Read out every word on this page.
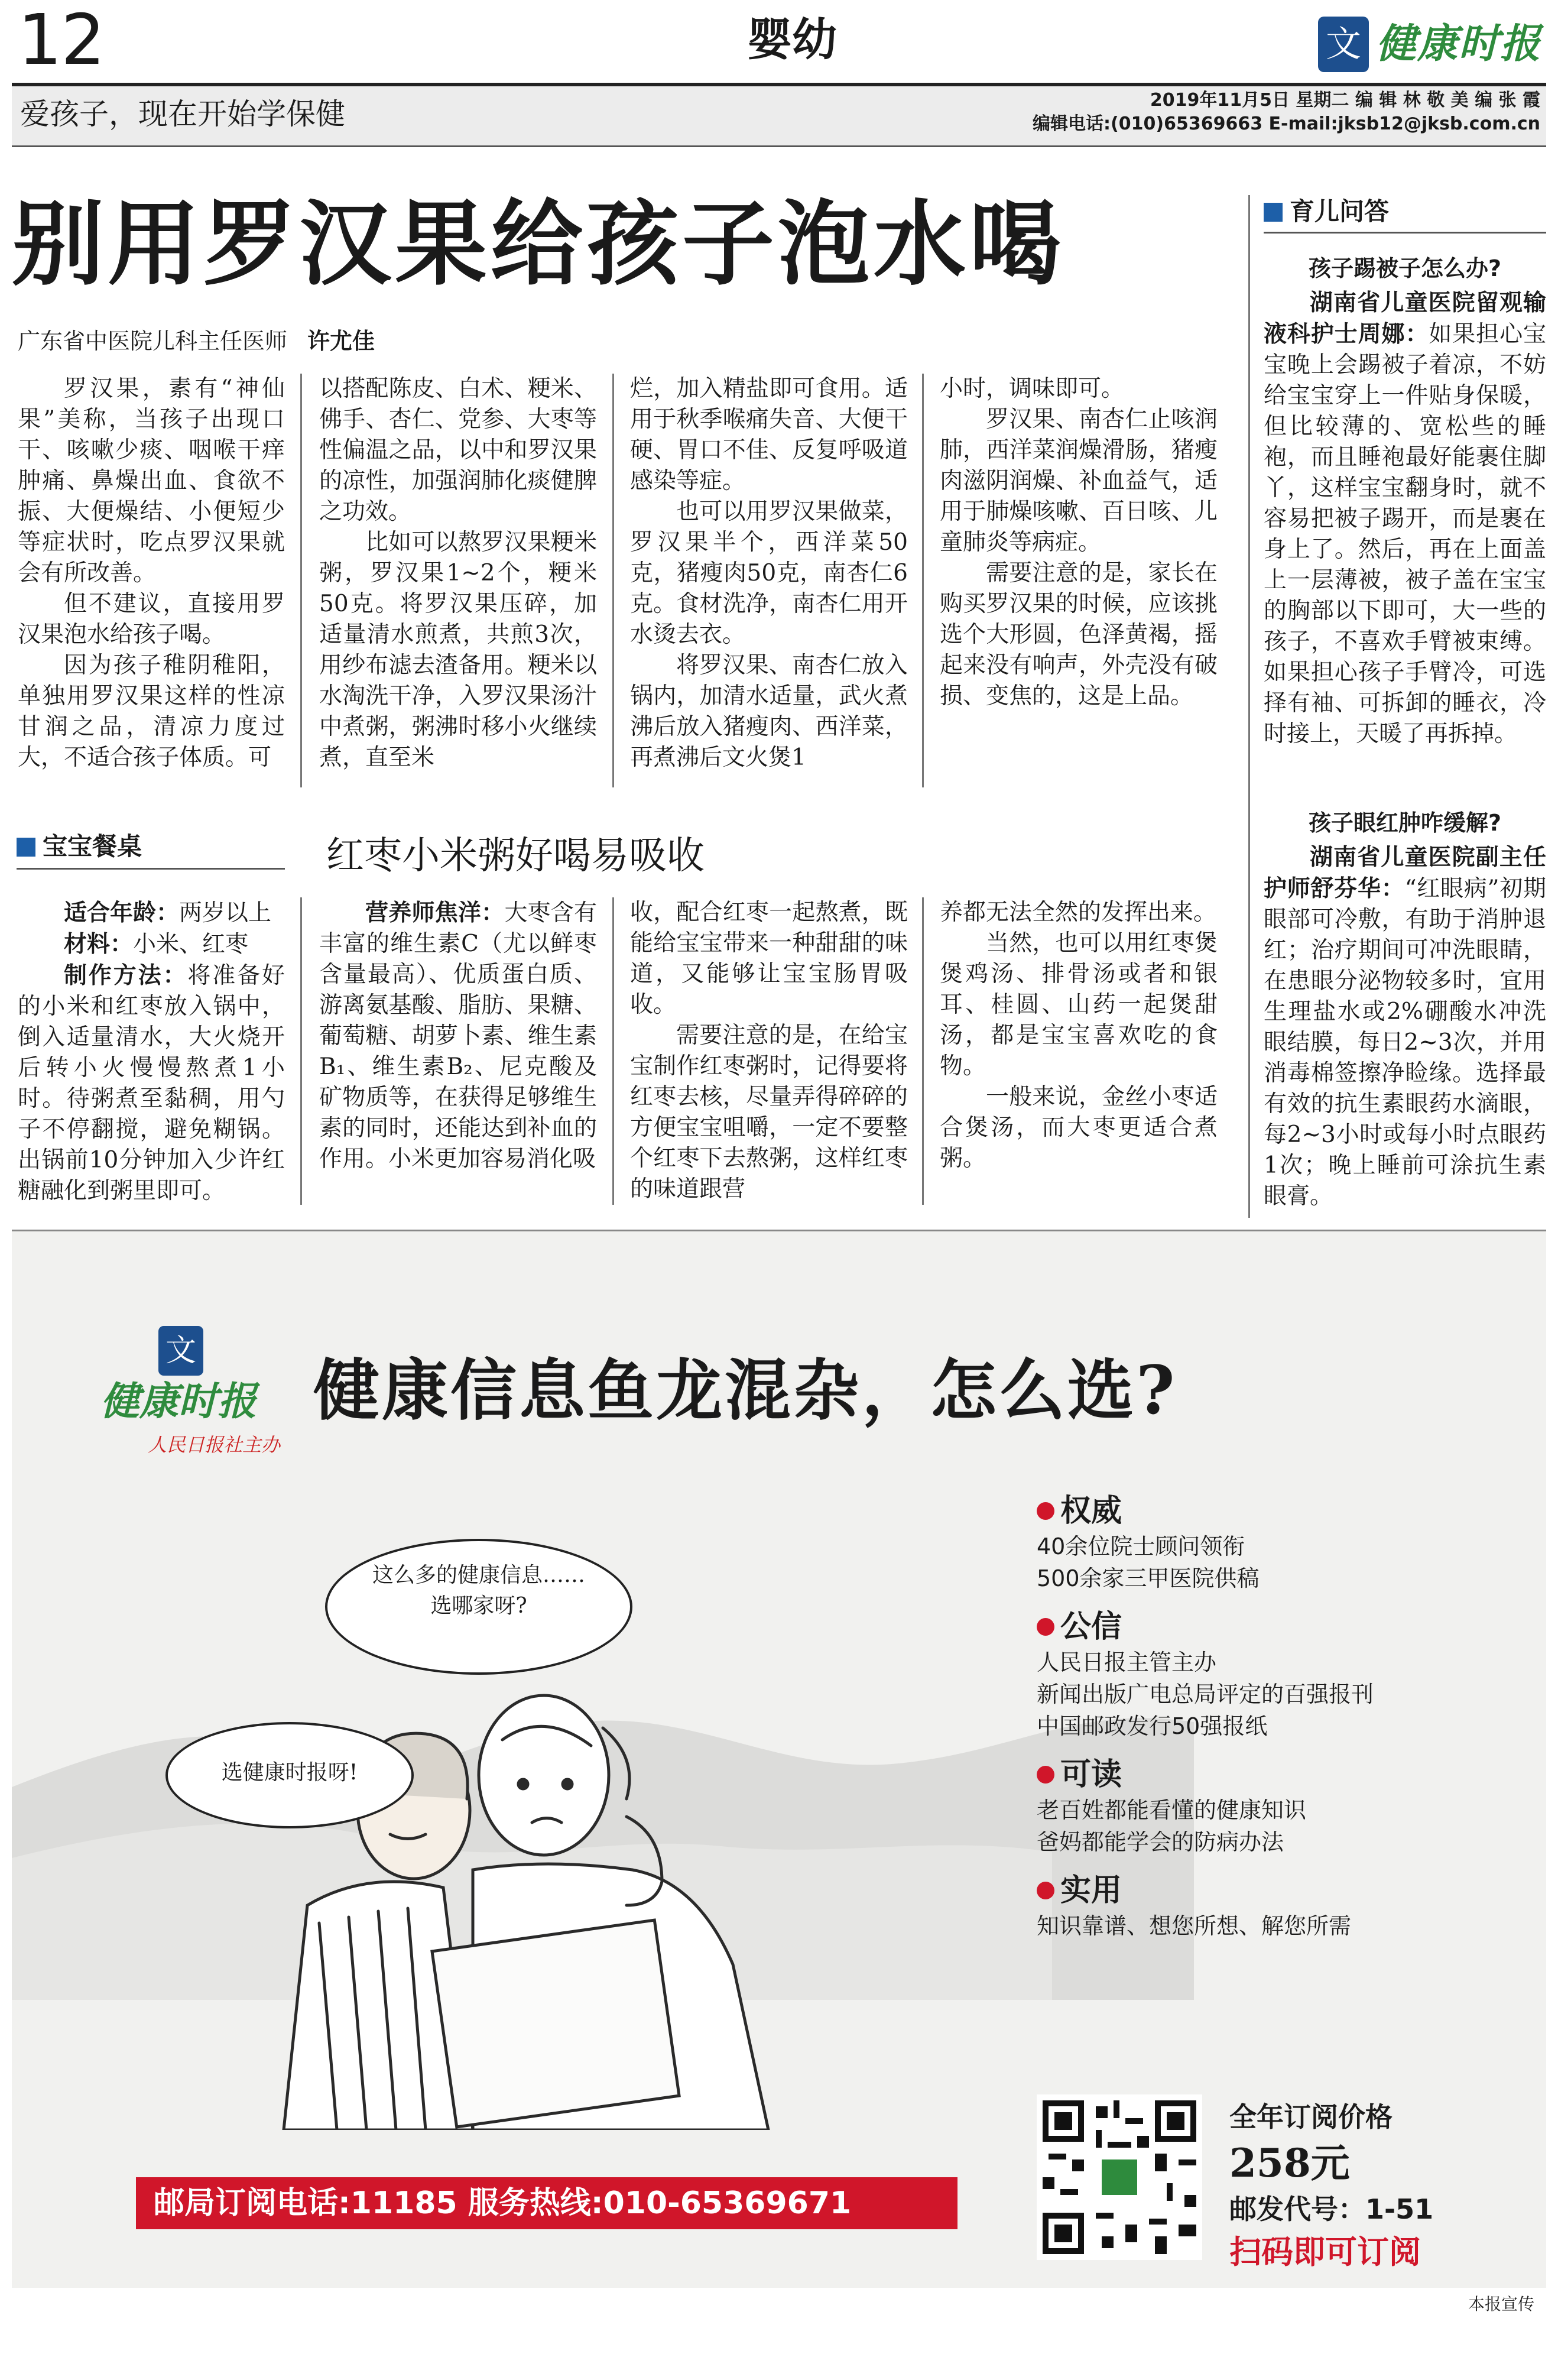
12	婴幼	文 健康时报
爱孩子，现在开始学保健	2019年11月5日 星期二 编 辑 林 敬 美 编 张 霞
编辑电话:(010)65369663 E-mail:jksb12@jksb.com.cn
别用罗汉果给孩子泡水喝
广东省中医院儿科主任医师 许尤佳

罗汉果，素有“神仙果”美称，当孩子出现口干、咳嗽少痰、咽喉干痒肿痛、鼻燥出血、食欲不振、大便燥结、小便短少等症状时，吃点罗汉果就会有所改善。

但不建议，直接用罗汉果泡水给孩子喝。

因为孩子稚阴稚阳，单独用罗汉果这样的性凉甘润之品，清凉力度过大，不适合孩子体质。可

以搭配陈皮、白术、粳米、佛手、杏仁、党参、大枣等性偏温之品，以中和罗汉果的凉性，加强润肺化痰健脾之功效。

比如可以熬罗汉果粳米粥，罗汉果1~2个，粳米50克。将罗汉果压碎，加适量清水煎煮，共煎3次，用纱布滤去渣备用。粳米以水淘洗干净，入罗汉果汤汁中煮粥，粥沸时移小火继续煮，直至米

烂，加入精盐即可食用。适用于秋季喉痛失音、大便干硬、胃口不佳、反复呼吸道感染等症。

也可以用罗汉果做菜，罗汉果半个，西洋菜50克，猪瘦肉50克，南杏仁6克。食材洗净，南杏仁用开水烫去衣。

将罗汉果、南杏仁放入锅内，加清水适量，武火煮沸后放入猪瘦肉、西洋菜，再煮沸后文火煲1

小时，调味即可。

罗汉果、南杏仁止咳润肺，西洋菜润燥滑肠，猪瘦肉滋阴润燥、补血益气，适用于肺燥咳嗽、百日咳、儿童肺炎等病症。

需要注意的是，家长在购买罗汉果的时候，应该挑选个大形圆，色泽黄褐，摇起来没有响声，外壳没有破损、变焦的，这是上品。

育儿问答
孩子踢被子怎么办?

湖南省儿童医院留观输液科护士周娜：如果担心宝宝晚上会踢被子着凉，不妨给宝宝穿上一件贴身保暖，但比较薄的、宽松些的睡袍，而且睡袍最好能裹住脚丫，这样宝宝翻身时，就不容易把被子踢开，而是裹在身上了。然后，再在上面盖上一层薄被，被子盖在宝宝的胸部以下即可，大一些的孩子，不喜欢手臂被束缚。如果担心孩子手臂冷，可选择有袖、可拆卸的睡衣，冷时接上，天暖了再拆掉。

孩子眼红肿咋缓解?

湖南省儿童医院副主任护师舒芬华：“红眼病”初期眼部可冷敷，有助于消肿退红；治疗期间可冲洗眼睛，在患眼分泌物较多时，宜用生理盐水或2%硼酸水冲洗眼结膜，每日2~3次，并用消毒棉签擦净睑缘。选择最有效的抗生素眼药水滴眼，每2~3小时或每小时点眼药1次；晚上睡前可涂抗生素眼膏。

宝宝餐桌	红枣小米粥好喝易吸收

适合年龄：两岁以上

材料：小米、红枣

制作方法：将准备好的小米和红枣放入锅中，倒入适量清水，大火烧开后转小火慢慢熬煮1小时。待粥煮至黏稠，用勺子不停翻搅，避免糊锅。出锅前10分钟加入少许红糖融化到粥里即可。

营养师焦洋：大枣含有丰富的维生素C（尤以鲜枣含量最高）、优质蛋白质、游离氨基酸、脂肪、果糖、葡萄糖、胡萝卜素、维生素B₁、维生素B₂、尼克酸及矿物质等，在获得足够维生素的同时，还能达到补血的作用。小米更加容易消化吸

收，配合红枣一起熬煮，既能给宝宝带来一种甜甜的味道，又能够让宝宝肠胃吸收。

需要注意的是，在给宝宝制作红枣粥时，记得要将红枣去核，尽量弄得碎碎的方便宝宝咀嚼，一定不要整个红枣下去熬粥，这样红枣的味道跟营

养都无法全然的发挥出来。

当然，也可以用红枣煲煲鸡汤、排骨汤或者和银耳、桂圆、山药一起煲甜汤，都是宝宝喜欢吃的食物。

一般来说，金丝小枣适合煲汤，而大枣更适合煮粥。

文
健康时报
人民日报社主办
健康信息鱼龙混杂，怎么选?
这么多的健康信息……
选哪家呀?
选健康时报呀!
权威
40余位院士顾问领衔
500余家三甲医院供稿
公信
人民日报主管主办
新闻出版广电总局评定的百强报刊
中国邮政发行50强报纸
可读
老百姓都能看懂的健康知识
爸妈都能学会的防病办法
实用
知识靠谱、想您所想、解您所需
全年订阅价格
258元
邮发代号：1-51
扫码即可订阅
邮局订阅电话:11185 服务热线:010-65369671
本报宣传
